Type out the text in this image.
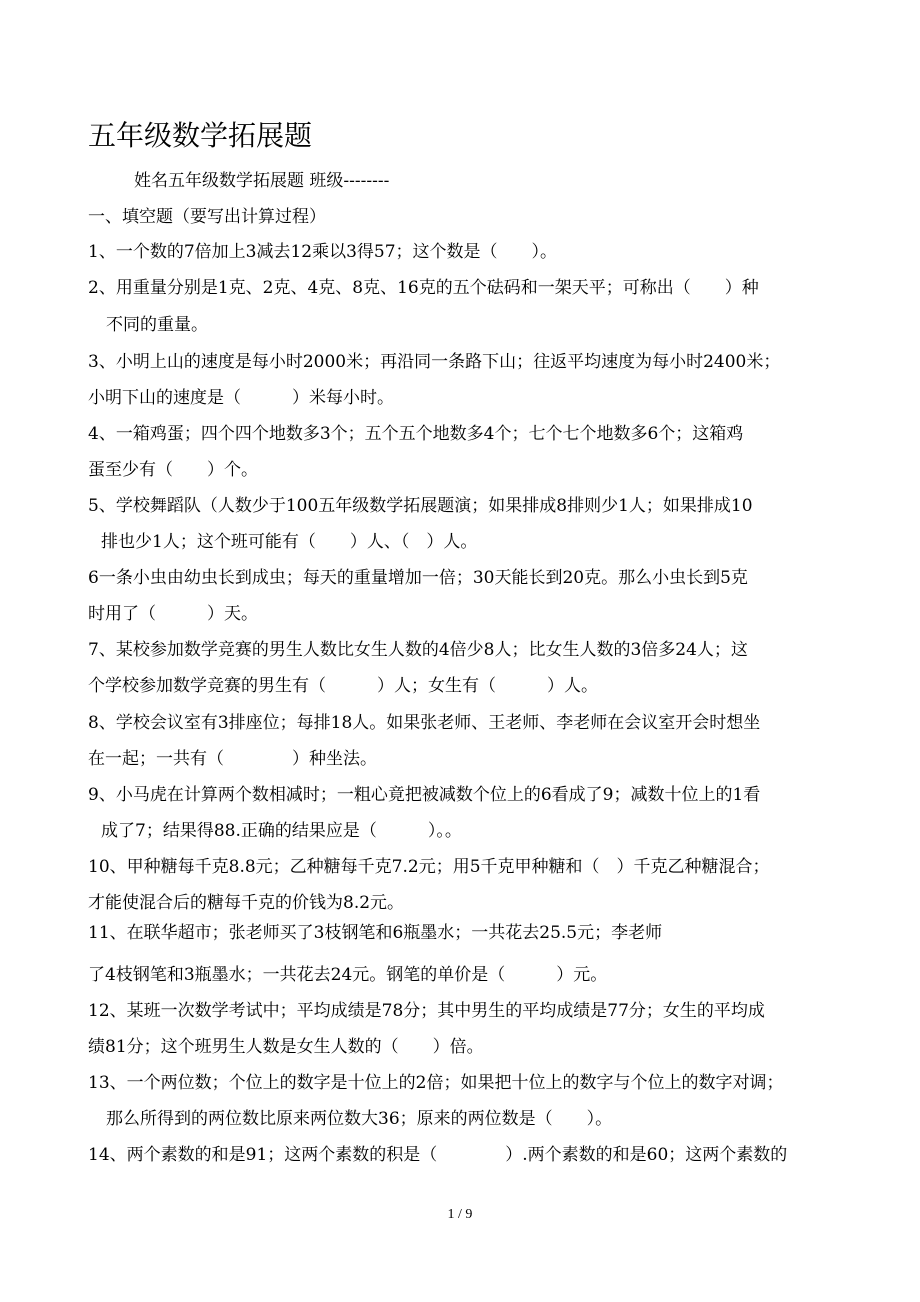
五年级数学拓展题
姓名五年级数学拓展题 班级--------
一、填空题（要写出计算过程）
1、一个数的7倍加上3减去12乘以3得57；这个数是（　　）。
2、用重量分别是1克、2克、4克、8克、16克的五个砝码和一架天平；可称出（　　）种
不同的重量。
3、小明上山的速度是每小时2000米；再沿同一条路下山；往返平均速度为每小时2400米；
小明下山的速度是（　　　）米每小时。
4、一箱鸡蛋；四个四个地数多3个；五个五个地数多4个；七个七个地数多6个；这箱鸡
蛋至少有（　　）个。
5、学校舞蹈队（人数少于100五年级数学拓展题演；如果排成8排则少1人；如果排成10
排也少1人；这个班可能有（　　）人、（　）人。
6一条小虫由幼虫长到成虫；每天的重量增加一倍；30天能长到20克。那么小虫长到5克
时用了（　　　）天。
7、某校参加数学竞赛的男生人数比女生人数的4倍少8人；比女生人数的3倍多24人；这
个学校参加数学竞赛的男生有（　　　）人；女生有（　　　）人。
8、学校会议室有3排座位；每排18人。如果张老师、王老师、李老师在会议室开会时想坐
在一起；一共有（　　　　）种坐法。
9、小马虎在计算两个数相减时；一粗心竟把被减数个位上的6看成了9；减数十位上的1看
成了7；结果得88.正确的结果应是（　　　）。。
10、甲种糖每千克8.8元；乙种糖每千克7.2元；用5千克甲种糖和（　）千克乙种糖混合；
才能使混合后的糖每千克的价钱为8.2元。
11、在联华超市；张老师买了3枝钢笔和6瓶墨水；一共花去25.5元；李老师
了4枝钢笔和3瓶墨水；一共花去24元。钢笔的单价是（　　　）元。
12、某班一次数学考试中；平均成绩是78分；其中男生的平均成绩是77分；女生的平均成
绩81分；这个班男生人数是女生人数的（　　）倍。
13、一个两位数；个位上的数字是十位上的2倍；如果把十位上的数字与个位上的数字对调；
那么所得到的两位数比原来两位数大36；原来的两位数是（　　）。
14、两个素数的和是91；这两个素数的积是（　　　　）.两个素数的和是60；这两个素数的
1 / 9
